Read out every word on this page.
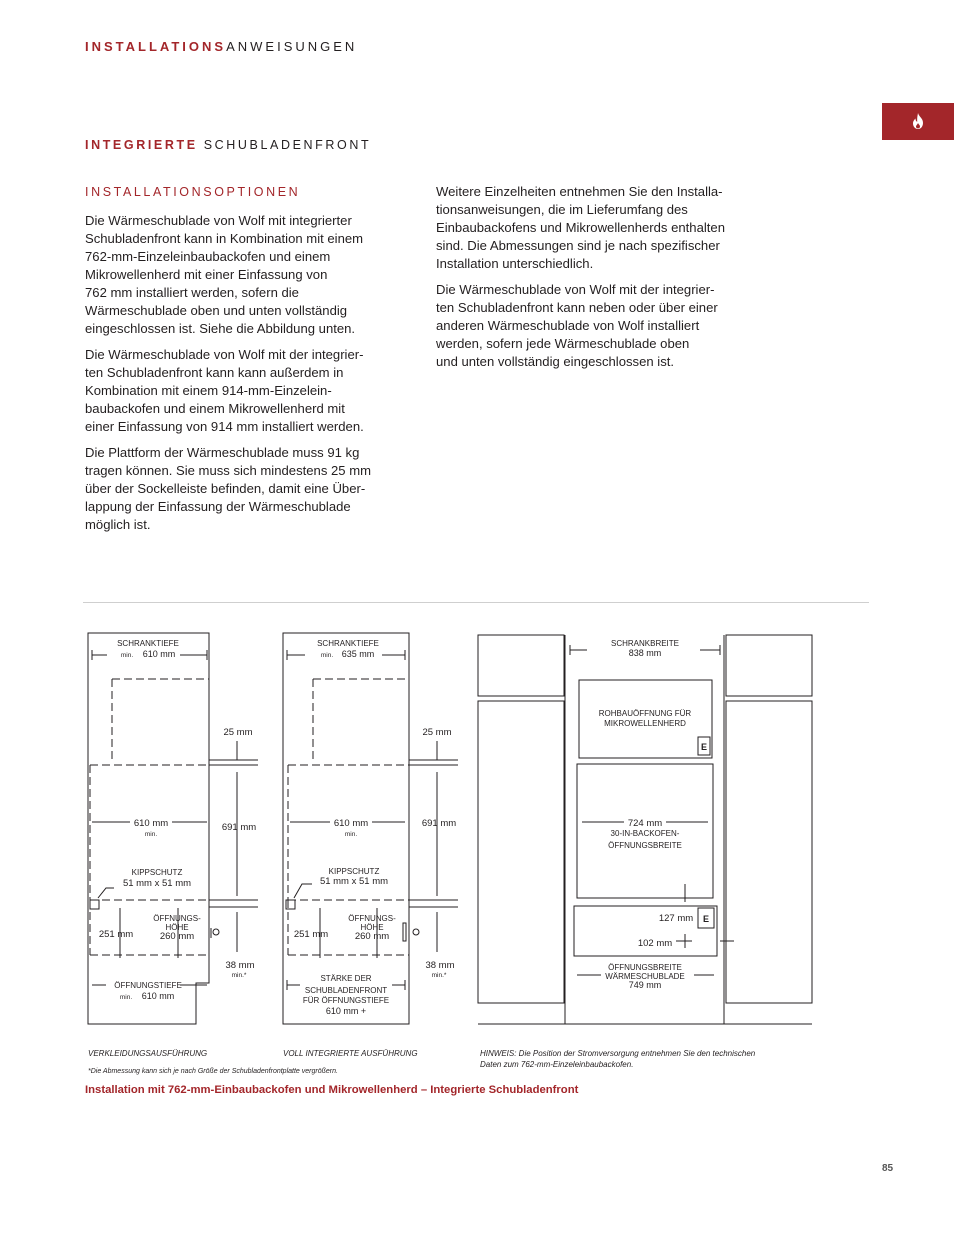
INSTALLATIONSANWEISUNGEN
INTEGRIERTE SCHUBLADENFRONT
INSTALLATIONSOPTIONEN

Die Wärmeschublade von Wolf mit integrierter
Schubladenfront kann in Kombination mit einem
762-mm-Einzeleinbaubackofen und einem
Mikrowellenherd mit einer Einfassung von
762 mm installiert werden, sofern die
Wärmeschublade oben und unten vollständig
eingeschlossen ist. Siehe die Abbildung unten.

Die Wärmeschublade von Wolf mit der integrier-
ten Schubladenfront kann kann außerdem in
Kombination mit einem 914-mm-Einzelein-
baubackofen und einem Mikrowellenherd mit
einer Einfassung von 914 mm installiert werden.

Die Plattform der Wärmeschublade muss 91 kg
tragen können. Sie muss sich mindestens 25 mm
über der Sockelleiste befinden, damit eine Über-
lappung der Einfassung der Wärmeschublade
möglich ist.

Weitere Einzelheiten entnehmen Sie den Installa-
tionsanweisungen, die im Lieferumfang des
Einbaubackofens und Mikrowellenherds enthalten
sind. Die Abmessungen sind je nach spezifischer
Installation unterschiedlich.

Die Wärmeschublade von Wolf mit der integrier-
ten Schubladenfront kann neben oder über einer
anderen Wärmeschublade von Wolf installiert
werden, sofern jede Wärmeschublade oben
und unten vollständig eingeschlossen ist.

SCHRANKTIEFE
min. 610 mm
25 mm
610 mm
min.
691 mm
KIPPSCHUTZ
51 mm x 51 mm
ÖFFNUNGS-
HÖHE
251 mm	260 mm
38 mm
min.*
ÖFFNUNGSTIEFE
min. 610 mm
SCHRANKTIEFE
min. 635 mm
25 mm
610 mm
min.
691 mm
KIPPSCHUTZ
51 mm x 51 mm
ÖFFNUNGS-
HÖHE
251 mm	260 mm
38 mm
min.*
STÄRKE DER
SCHUBLADENFRONT
FÜR ÖFFNUNGSTIEFE
610 mm +
SCHRANKBREITE
838 mm
ROHBAUÖFFNUNG FÜR
MIKROWELLENHERD
E
724 mm
30-IN-BACKOFEN-
ÖFFNUNGSBREITE
127 mm E
102 mm
ÖFFNUNGSBREITE
WÄRMESCHUBLADE
749 mm
VERKLEIDUNGSAUSFÜHRUNG	VOLL INTEGRIERTE AUSFÜHRUNG
*Die Abmessung kann sich je nach Größe der Schubladenfrontplatte vergrößern.
HINWEIS: Die Position der Stromversorgung entnehmen Sie den technischen
Daten zum 762-mm-Einzeleinbaubackofen.
Installation mit 762-mm-Einbaubackofen und Mikrowellenherd – Integrierte Schubladenfront
85
